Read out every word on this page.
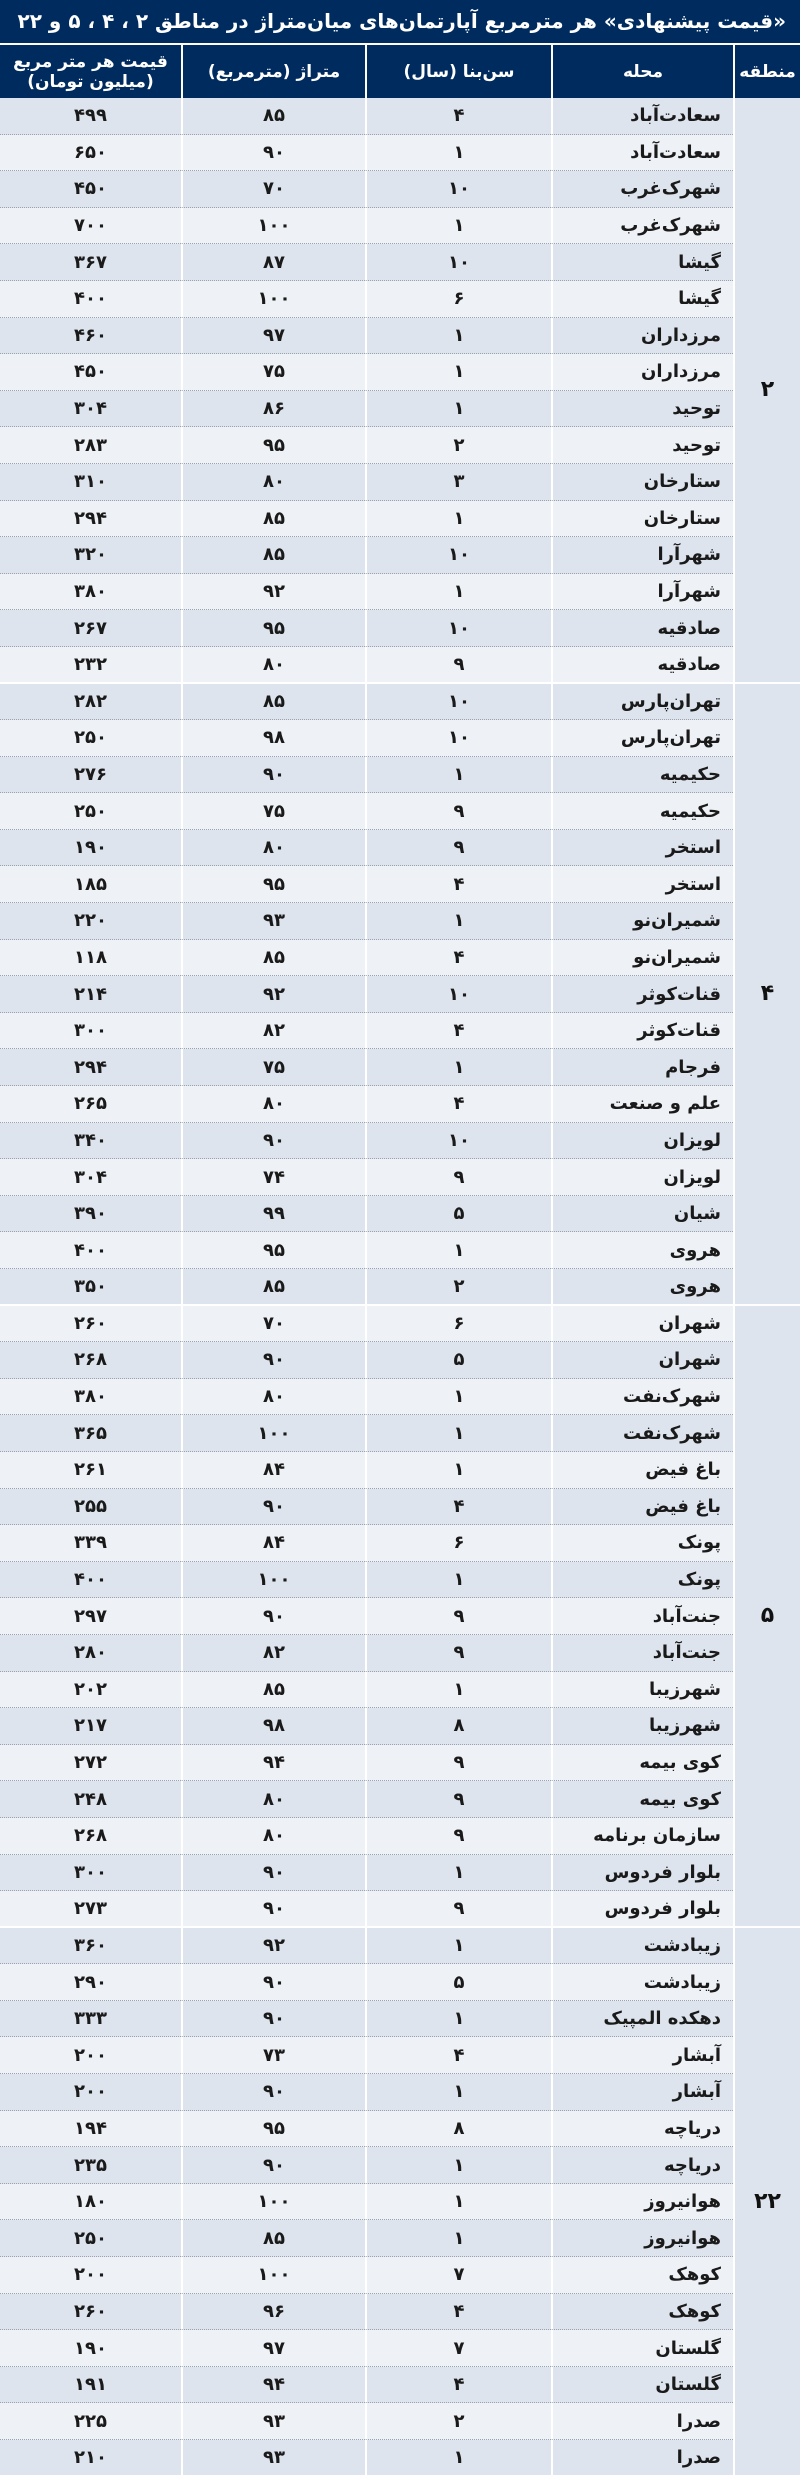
«قیمت پیشنهادی» هر مترمربع آپارتمان‌های میان‌متراژ در مناطق ۲ ، ۴ ، ۵ و ۲۲
منطقه	محله	سن‌بنا (سال)	متراژ (مترمربع)	قیمت هر متر مربع
(میلیون تومان)

۲	سعادت‌آباد	۴	۸۵	۴۹۹
	سعادت‌آباد	۱	۹۰	۶۵۰
	شهرک‌غرب	۱۰	۷۰	۴۵۰
	شهرک‌غرب	۱	۱۰۰	۷۰۰
	گیشا	۱۰	۸۷	۳۶۷
	گیشا	۶	۱۰۰	۴۰۰
	مرزداران	۱	۹۷	۴۶۰
	مرزداران	۱	۷۵	۴۵۰
	توحید	۱	۸۶	۳۰۴
	توحید	۲	۹۵	۲۸۳
	ستارخان	۳	۸۰	۳۱۰
	ستارخان	۱	۸۵	۲۹۴
	شهرآرا	۱۰	۸۵	۳۲۰
	شهرآرا	۱	۹۲	۳۸۰
	صادقیه	۱۰	۹۵	۲۶۷
	صادقیه	۹	۸۰	۲۳۲
۴	تهران‌پارس	۱۰	۸۵	۲۸۲
	تهران‌پارس	۱۰	۹۸	۲۵۰
	حکیمیه	۱	۹۰	۲۷۶
	حکیمیه	۹	۷۵	۲۵۰
	استخر	۹	۸۰	۱۹۰
	استخر	۴	۹۵	۱۸۵
	شمیران‌نو	۱	۹۳	۲۲۰
	شمیران‌نو	۴	۸۵	۱۱۸
	قنات‌کوثر	۱۰	۹۲	۲۱۴
	قنات‌کوثر	۴	۸۲	۳۰۰
	فرجام	۱	۷۵	۲۹۴
	علم و صنعت	۴	۸۰	۲۶۵
	لویزان	۱۰	۹۰	۳۴۰
	لویزان	۹	۷۴	۳۰۴
	شیان	۵	۹۹	۳۹۰
	هروی	۱	۹۵	۴۰۰
	هروی	۲	۸۵	۳۵۰
۵	شهران	۶	۷۰	۲۶۰
	شهران	۵	۹۰	۲۶۸
	شهرک‌نفت	۱	۸۰	۳۸۰
	شهرک‌نفت	۱	۱۰۰	۳۶۵
	باغ فیض	۱	۸۴	۲۶۱
	باغ فیض	۴	۹۰	۲۵۵
	پونک	۶	۸۴	۳۳۹
	پونک	۱	۱۰۰	۴۰۰
	جنت‌آباد	۹	۹۰	۲۹۷
	جنت‌آباد	۹	۸۲	۲۸۰
	شهرزیبا	۱	۸۵	۲۰۲
	شهرزیبا	۸	۹۸	۲۱۷
	کوی بیمه	۹	۹۴	۲۷۲
	کوی بیمه	۹	۸۰	۲۴۸
	سازمان برنامه	۹	۸۰	۲۶۸
	بلوار فردوس	۱	۹۰	۳۰۰
	بلوار فردوس	۹	۹۰	۲۷۳
۲۲	زیبادشت	۱	۹۲	۳۶۰
	زیبادشت	۵	۹۰	۲۹۰
	دهکده المپیک	۱	۹۰	۳۳۳
	آبشار	۴	۷۳	۲۰۰
	آبشار	۱	۹۰	۲۰۰
	دریاچه	۸	۹۵	۱۹۴
	دریاچه	۱	۹۰	۲۳۵
	هوانیروز	۱	۱۰۰	۱۸۰
	هوانیروز	۱	۸۵	۲۵۰
	کوهک	۷	۱۰۰	۲۰۰
	کوهک	۴	۹۶	۲۶۰
	گلستان	۷	۹۷	۱۹۰
	گلستان	۴	۹۴	۱۹۱
	صدرا	۲	۹۳	۲۲۵
	صدرا	۱	۹۳	۲۱۰
